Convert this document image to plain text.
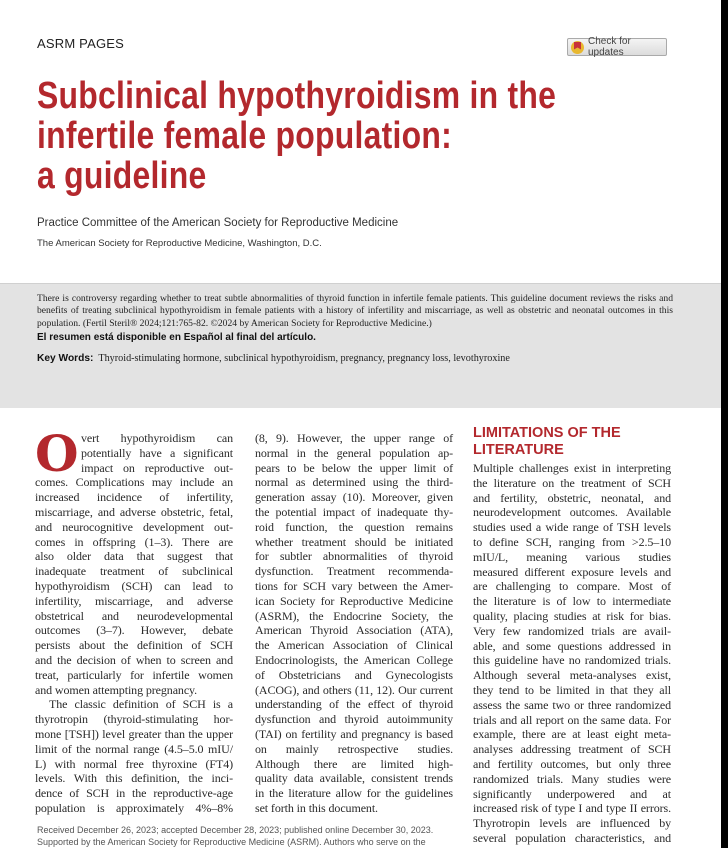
ASRM PAGES	Check for updates
Subclinical hypothyroidism in the
infertile female population:
a guideline
Practice Committee of the American Society for Reproductive Medicine
The American Society for Reproductive Medicine, Washington, D.C.
There is controversy regarding whether to treat subtle abnormalities of thyroid function in infertile female patients. This guideline document reviews the risks and benefits of treating subclinical hypothyroidism in female patients with a history of infertility and miscarriage, as well as obstetric and neonatal outcomes in this population. (Fertil Steril® 2024;121:765-82. ©2024 by American Society for Reproductive Medicine.)
El resumen está disponible en Español al final del artículo.
Key Words: Thyroid-stimulating hormone, subclinical hypothyroidism, pregnancy, pregnancy loss, levothyroxine
O vert hypothyroidism can
potentially have a significant
impact on reproductive out-
comes. Complications may include an
increased incidence of infertility,
miscarriage, and adverse obstetric, fetal,
and neurocognitive development out-
comes in offspring (1–3). There are
also older data that suggest that
inadequate treatment of subclinical
hypothyroidism (SCH) can lead to
infertility, miscarriage, and adverse
obstetrical and neurodevelopmental
outcomes (3–7). However, debate
persists about the definition of SCH
and the decision of when to screen and
treat, particularly for infertile women
and women attempting pregnancy.
The classic definition of SCH is a
thyrotropin (thyroid-stimulating hor-
mone [TSH]) level greater than the upper
limit of the normal range (4.5–5.0 mIU/
L) with normal free thyroxine (FT4)
levels. With this definition, the inci-
dence of SCH in the reproductive-age
population is approximately 4%–8%
(8, 9). However, the upper range of
normal in the general population ap-
pears to be below the upper limit of
normal as determined using the third-
generation assay (10). Moreover, given
the potential impact of inadequate thy-
roid function, the question remains
whether treatment should be initiated
for subtler abnormalities of thyroid
dysfunction. Treatment recommenda-
tions for SCH vary between the Amer-
ican Society for Reproductive Medicine
(ASRM), the Endocrine Society, the
American Thyroid Association (ATA),
the American Association of Clinical
Endocrinologists, the American College
of Obstetricians and Gynecologists
(ACOG), and others (11, 12). Our current
understanding of the effect of thyroid
dysfunction and thyroid autoimmunity
(TAI) on fertility and pregnancy is based
on mainly retrospective studies.
Although there are limited high-
quality data available, consistent trends
in the literature allow for the guidelines
set forth in this document.
LIMITATIONS OF THE
LITERATURE
Multiple challenges exist in interpreting
the literature on the treatment of SCH
and fertility, obstetric, neonatal, and
neurodevelopment outcomes. Available
studies used a wide range of TSH levels
to define SCH, ranging from >2.5–10
mIU/L, meaning various studies
measured different exposure levels and
are challenging to compare. Most of
the literature is of low to intermediate
quality, placing studies at risk for bias.
Very few randomized trials are avail-
able, and some questions addressed in
this guideline have no randomized trials.
Although several meta-analyses exist,
they tend to be limited in that they all
assess the same two or three randomized
trials and all report on the same data. For
example, there are at least eight meta-
analyses addressing treatment of SCH
and fertility outcomes, but only three
randomized trials. Many studies were
significantly underpowered and at
increased risk of type I and type II errors.
Thyrotropin levels are influenced by
several population characteristics, and
Received December 26, 2023; accepted December 28, 2023; published online December 30, 2023.
Supported by the American Society for Reproductive Medicine (ASRM). Authors who serve on the
